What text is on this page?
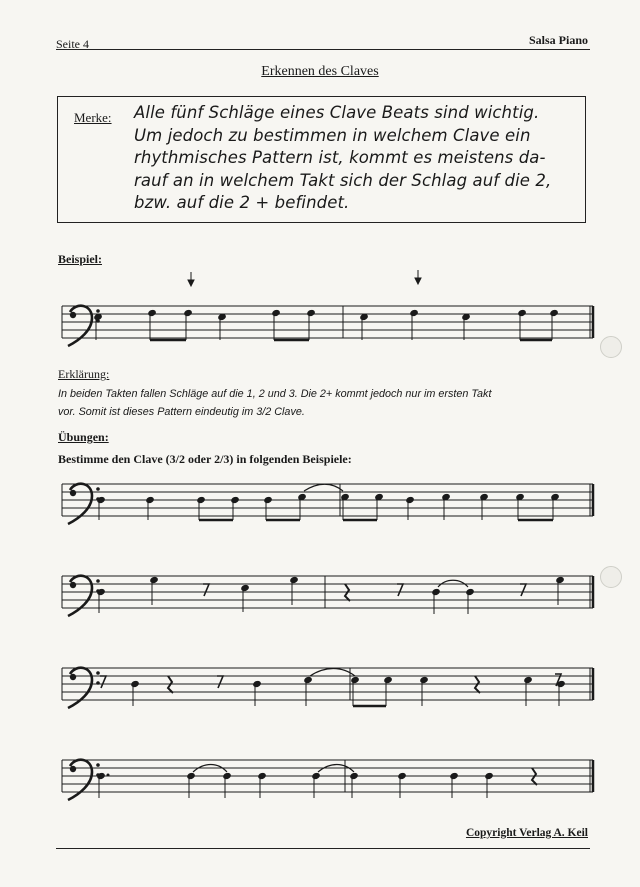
Seite 4	Salsa Piano
Erkennen des Claves
Merke: Alle fünf Schläge eines Clave Beats sind wichtig.
Um jedoch zu bestimmen in welchem Clave ein
rhythmisches Pattern ist, kommt es meistens da-
rauf an in welchem Takt sich der Schlag auf die 2,
bzw. auf die 2 + befindet.
Beispiel:
Erklärung:
In beiden Takten fallen Schläge auf die 1, 2 und 3. Die 2+ kommt jedoch nur im ersten Takt
vor. Somit ist dieses Pattern eindeutig im 3/2 Clave.
Übungen:
Bestimme den Clave (3/2 oder 2/3) in folgenden Beispiele:
Copyright Verlag A. Keil
